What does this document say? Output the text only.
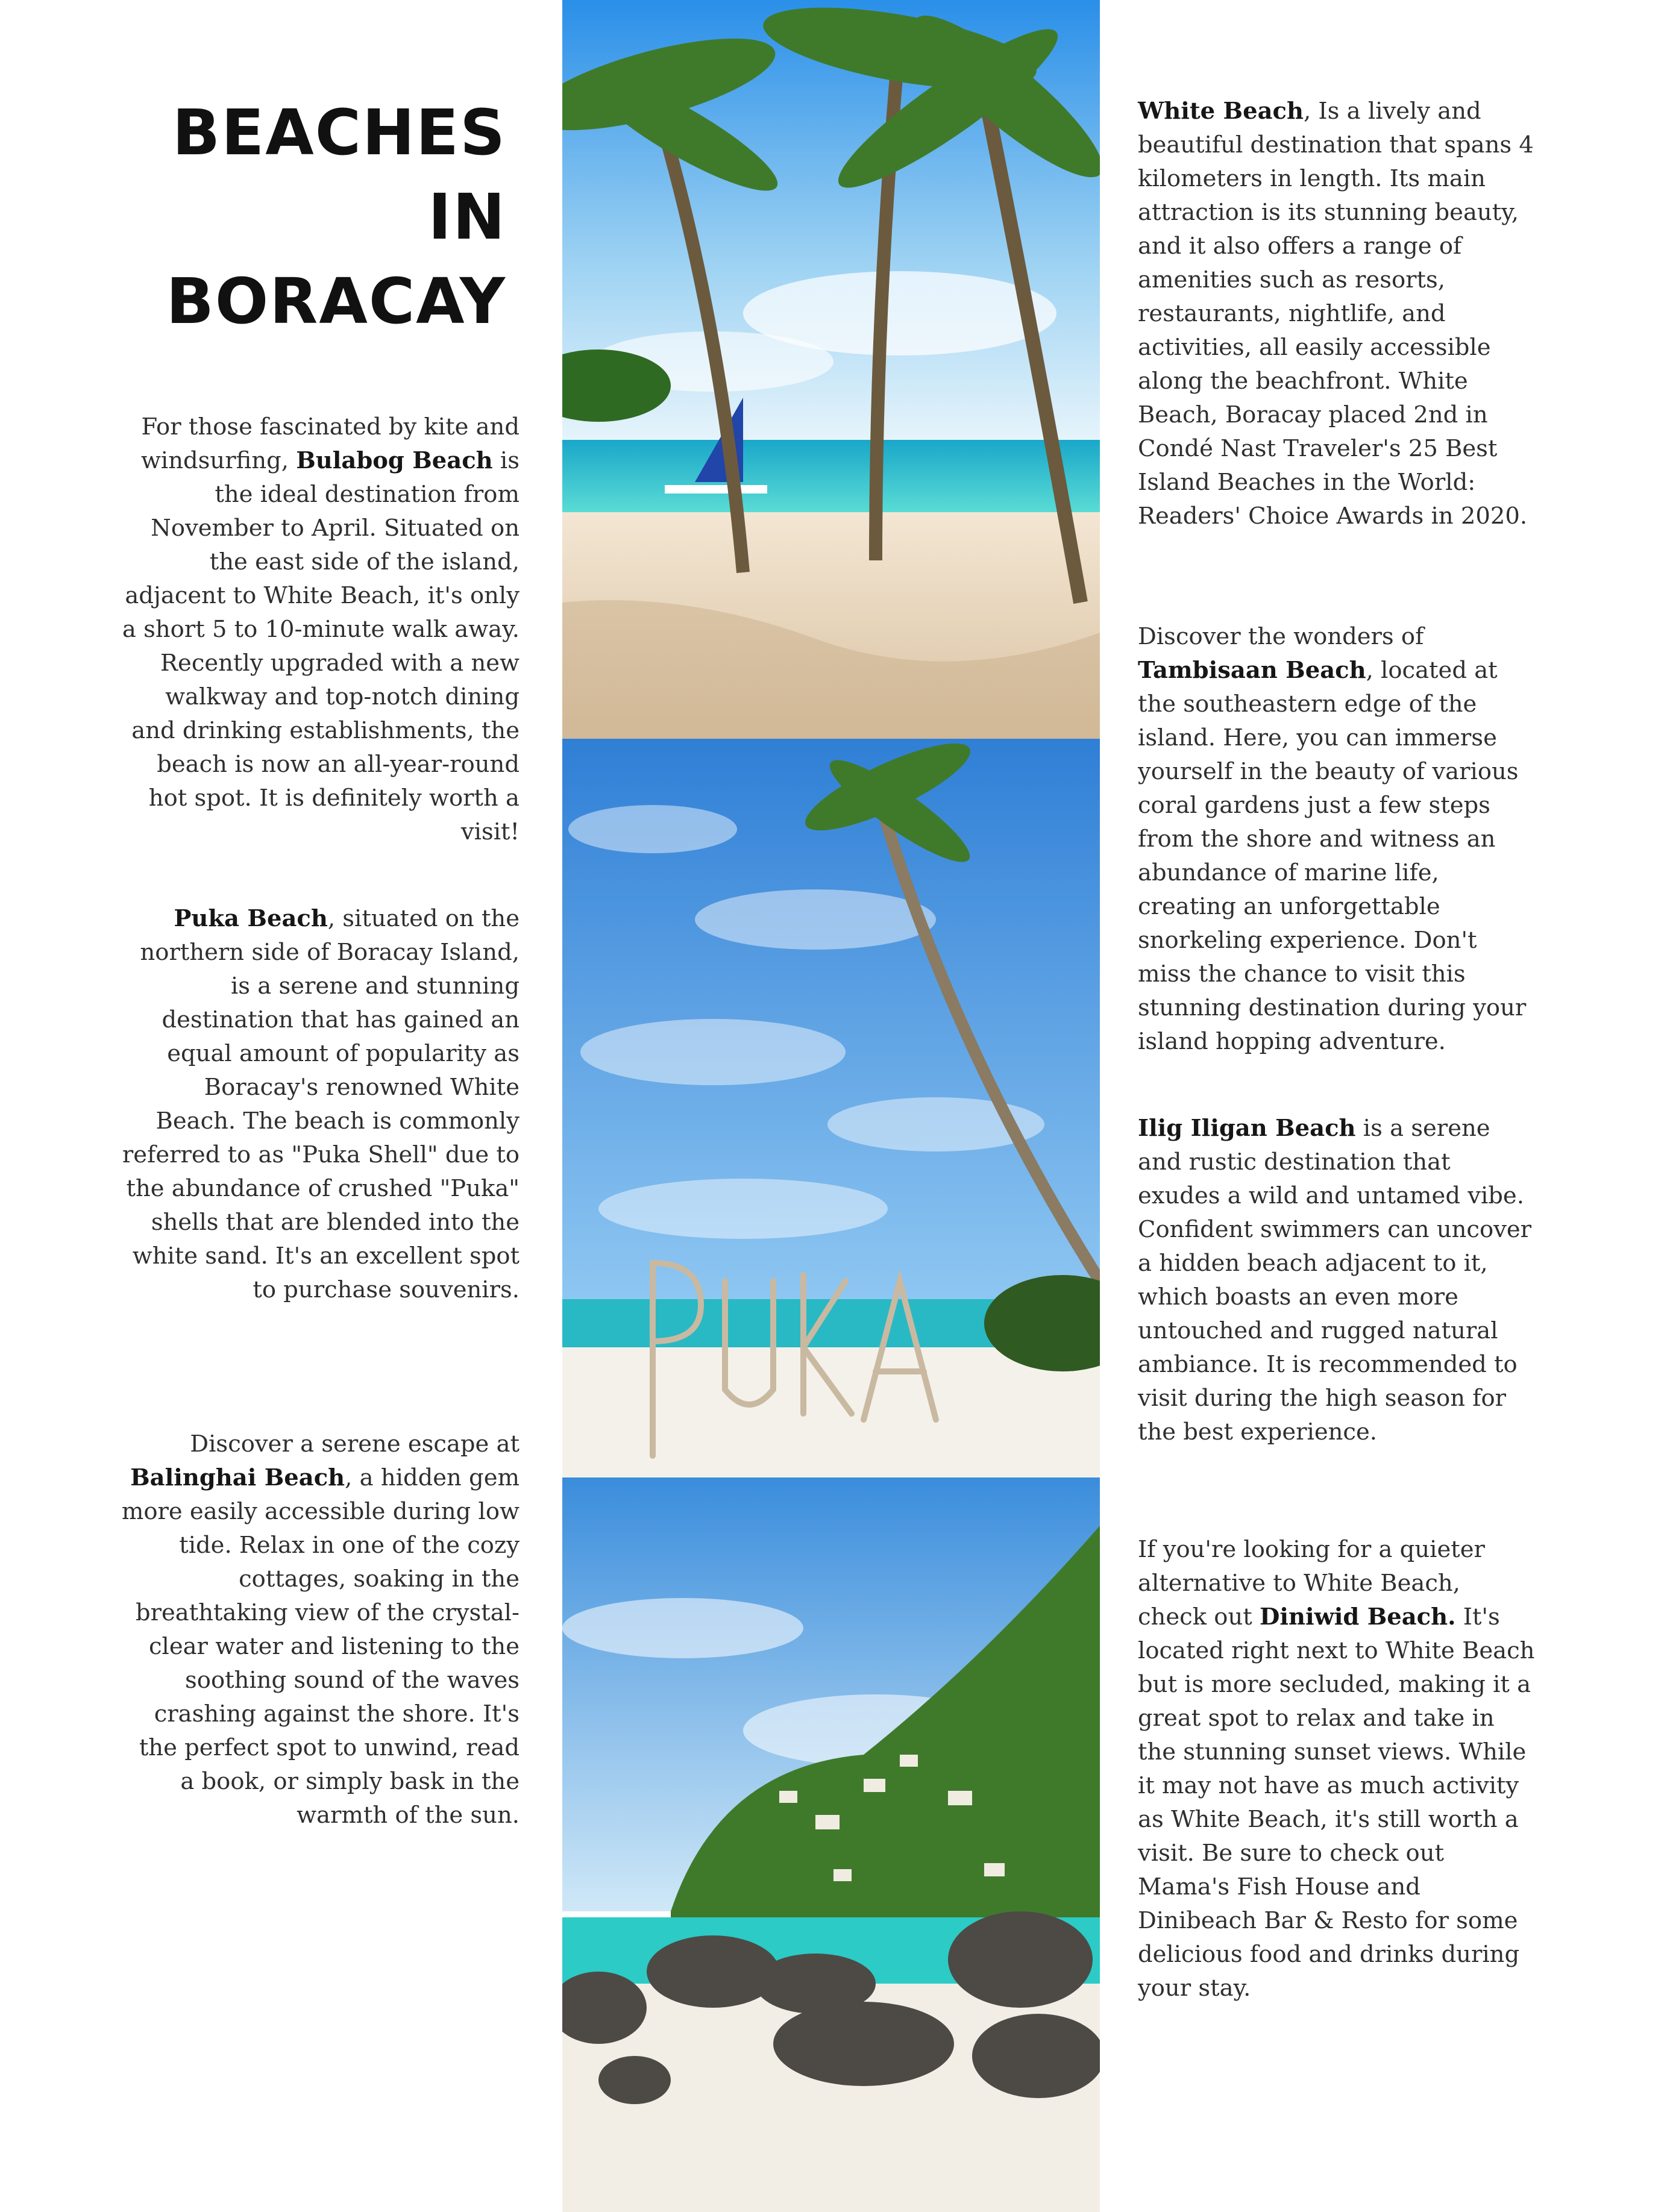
BEACHES IN
BORACAY

For those fascinated by kite and windsurfing, Bulabog Beach is the ideal destination from November to April. Situated on the east side of the island, adjacent to White Beach, it's only a short 5 to 10-minute walk away. Recently upgraded with a new walkway and top-notch dining and drinking establishments, the beach is now an all-year-round hot spot. It is definitely worth a visit!

Puka Beach, situated on the northern side of Boracay Island, is a serene and stunning destination that has gained an equal amount of popularity as Boracay's renowned White Beach. The beach is commonly referred to as "Puka Shell" due to the abundance of crushed "Puka" shells that are blended into the white sand. It's an excellent spot to purchase souvenirs.

Discover a serene escape at Balinghai Beach, a hidden gem more easily accessible during low tide. Relax in one of the cozy cottages, soaking in the breathtaking view of the crystal-clear water and listening to the soothing sound of the waves crashing against the shore. It's the perfect spot to unwind, read a book, or simply bask in the warmth of the sun.

White Beach, Is a lively and beautiful destination that spans 4 kilometers in length. Its main attraction is its stunning beauty, and it also offers a range of amenities such as resorts, restaurants, nightlife, and activities, all easily accessible along the beachfront. White Beach, Boracay placed 2nd in Condé Nast Traveler's 25 Best Island Beaches in the World: Readers' Choice Awards in 2020.

Discover the wonders of Tambisaan Beach, located at the southeastern edge of the island. Here, you can immerse yourself in the beauty of various coral gardens just a few steps from the shore and witness an abundance of marine life, creating an unforgettable snorkeling experience. Don't miss the chance to visit this stunning destination during your island hopping adventure.

Ilig Iligan Beach is a serene and rustic destination that exudes a wild and untamed vibe. Confident swimmers can uncover a hidden beach adjacent to it, which boasts an even more untouched and rugged natural ambiance. It is recommended to visit during the high season for the best experience.

If you're looking for a quieter alternative to White Beach, check out Diniwid Beach. It's located right next to White Beach but is more secluded, making it a great spot to relax and take in the stunning sunset views. While it may not have as much activity as White Beach, it's still worth a visit. Be sure to check out Mama's Fish House and Dinibeach Bar & Resto for some delicious food and drinks during your stay.
